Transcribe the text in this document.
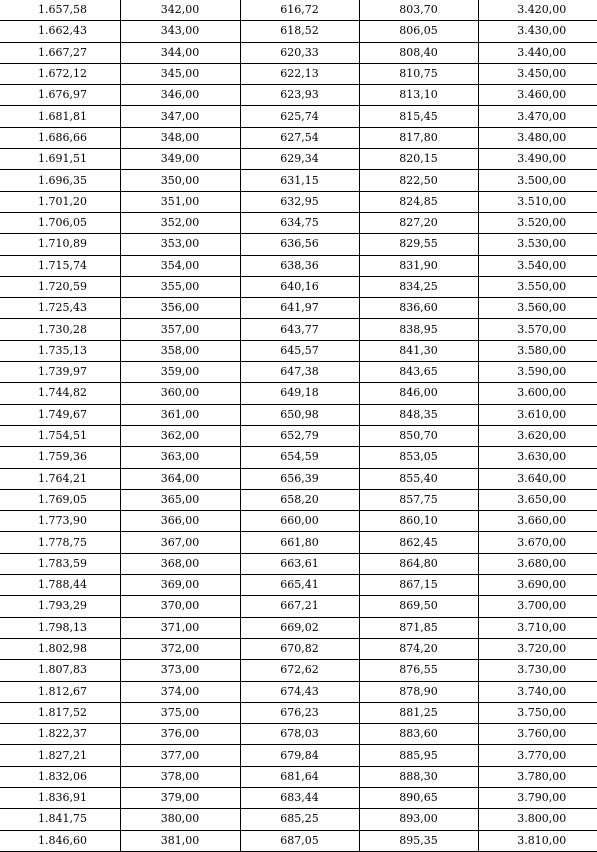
1.657,58	342,00	616,72	803,70	3.420,00
1.662,43	343,00	618,52	806,05	3.430,00
1.667,27	344,00	620,33	808,40	3.440,00
1.672,12	345,00	622,13	810,75	3.450,00
1.676,97	346,00	623,93	813,10	3.460,00
1.681,81	347,00	625,74	815,45	3.470,00
1.686,66	348,00	627,54	817,80	3.480,00
1.691,51	349,00	629,34	820,15	3.490,00
1.696,35	350,00	631,15	822,50	3.500,00
1.701,20	351,00	632,95	824,85	3.510,00
1.706,05	352,00	634,75	827,20	3.520,00
1.710,89	353,00	636,56	829,55	3.530,00
1.715,74	354,00	638,36	831,90	3.540,00
1.720,59	355,00	640,16	834,25	3.550,00
1.725,43	356,00	641,97	836,60	3.560,00
1.730,28	357,00	643,77	838,95	3.570,00
1.735,13	358,00	645,57	841,30	3.580,00
1.739,97	359,00	647,38	843,65	3.590,00
1.744,82	360,00	649,18	846,00	3.600,00
1.749,67	361,00	650,98	848,35	3.610,00
1.754,51	362,00	652,79	850,70	3.620,00
1.759,36	363,00	654,59	853,05	3.630,00
1.764,21	364,00	656,39	855,40	3.640,00
1.769,05	365,00	658,20	857,75	3.650,00
1.773,90	366,00	660,00	860,10	3.660,00
1.778,75	367,00	661,80	862,45	3.670,00
1.783,59	368,00	663,61	864,80	3.680,00
1.788,44	369,00	665,41	867,15	3.690,00
1.793,29	370,00	667,21	869,50	3.700,00
1.798,13	371,00	669,02	871,85	3.710,00
1.802,98	372,00	670,82	874,20	3.720,00
1.807,83	373,00	672,62	876,55	3.730,00
1.812,67	374,00	674,43	878,90	3.740,00
1.817,52	375,00	676,23	881,25	3.750,00
1.822,37	376,00	678,03	883,60	3.760,00
1.827,21	377,00	679,84	885,95	3.770,00
1.832,06	378,00	681,64	888,30	3.780,00
1.836,91	379,00	683,44	890,65	3.790,00
1.841,75	380,00	685,25	893,00	3.800,00
1.846,60	381,00	687,05	895,35	3.810,00
